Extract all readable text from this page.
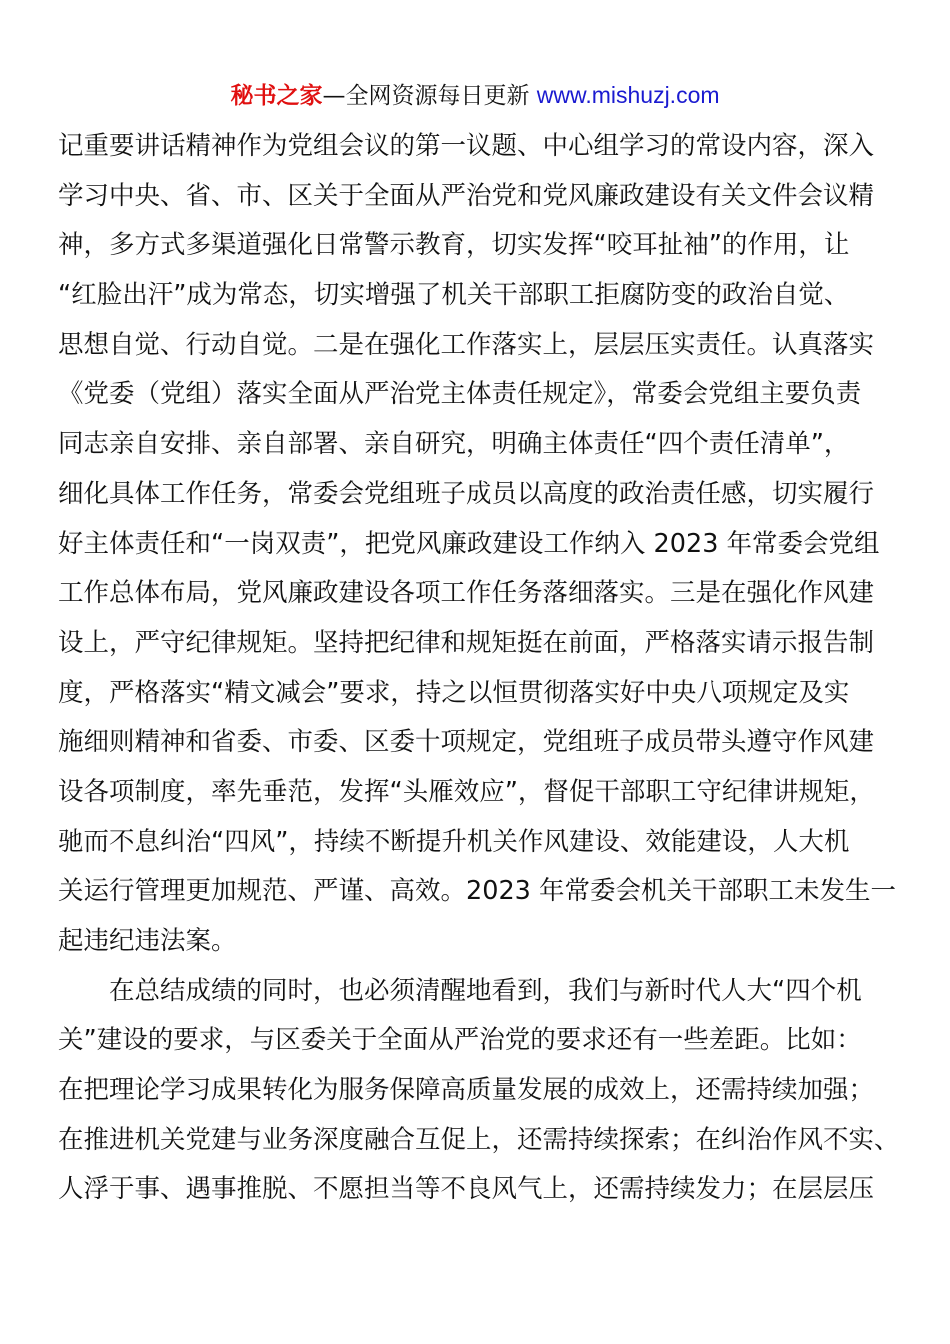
秘书之家—全网资源每日更新 www.mishuzj.com
记重要讲话精神作为党组会议的第一议题、中心组学习的常设内容，深入
学习中央、省、市、区关于全面从严治党和党风廉政建设有关文件会议精
神，多方式多渠道强化日常警示教育，切实发挥“咬耳扯袖”的作用，让
“红脸出汗”成为常态，切实增强了机关干部职工拒腐防变的政治自觉、
思想自觉、行动自觉。二是在强化工作落实上，层层压实责任。认真落实
《党委（党组）落实全面从严治党主体责任规定》，常委会党组主要负责
同志亲自安排、亲自部署、亲自研究，明确主体责任“四个责任清单”，
细化具体工作任务，常委会党组班子成员以高度的政治责任感，切实履行
好主体责任和“一岗双责”，把党风廉政建设工作纳入 2023 年常委会党组
工作总体布局，党风廉政建设各项工作任务落细落实。三是在强化作风建
设上，严守纪律规矩。坚持把纪律和规矩挺在前面，严格落实请示报告制
度，严格落实“精文减会”要求，持之以恒贯彻落实好中央八项规定及实
施细则精神和省委、市委、区委十项规定，党组班子成员带头遵守作风建
设各项制度，率先垂范，发挥“头雁效应”，督促干部职工守纪律讲规矩，
驰而不息纠治“四风”，持续不断提升机关作风建设、效能建设，人大机
关运行管理更加规范、严谨、高效。2023 年常委会机关干部职工未发生一
起违纪违法案。
在总结成绩的同时，也必须清醒地看到，我们与新时代人大“四个机
关”建设的要求，与区委关于全面从严治党的要求还有一些差距。比如：
在把理论学习成果转化为服务保障高质量发展的成效上，还需持续加强；
在推进机关党建与业务深度融合互促上，还需持续探索；在纠治作风不实、
人浮于事、遇事推脱、不愿担当等不良风气上，还需持续发力；在层层压
